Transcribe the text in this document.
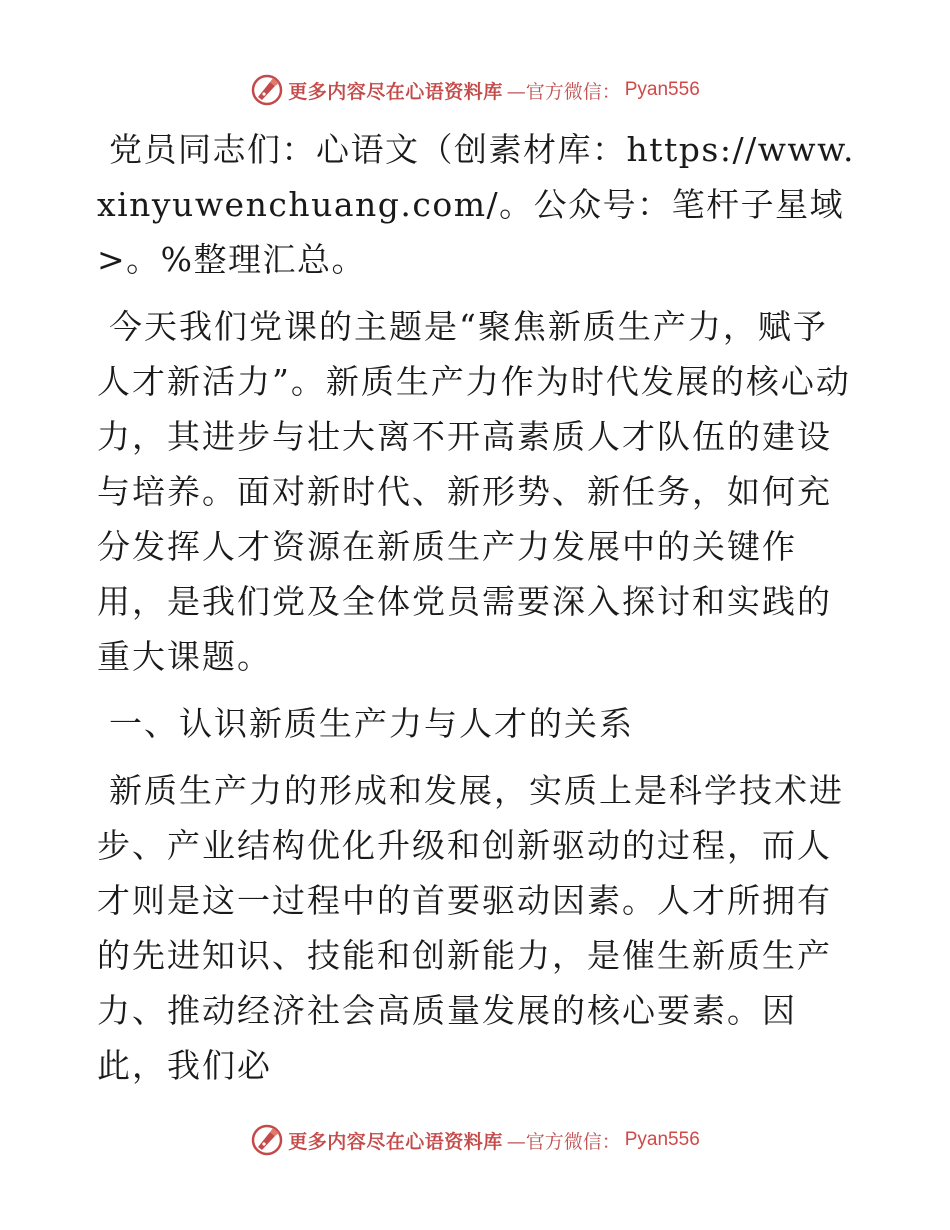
更多内容尽在心语资料库 —官方微信： Pyan556

党员同志们：心语文（创素材库：https://www.xinyuwenchuang.com/。公众号：笔杆子星域>。%整理汇总。

今天我们党课的主题是“聚焦新质生产力，赋予人才新活力”。新质生产力作为时代发展的核心动力，其进步与壮大离不开高素质人才队伍的建设与培养。面对新时代、新形势、新任务，如何充分发挥人才资源在新质生产力发展中的关键作用，是我们党及全体党员需要深入探讨和实践的重大课题。

一、认识新质生产力与人才的关系

新质生产力的形成和发展，实质上是科学技术进步、产业结构优化升级和创新驱动的过程，而人才则是这一过程中的首要驱动因素。人才所拥有的先进知识、技能和创新能力，是催生新质生产力、推动经济社会高质量发展的核心要素。因此，我们必

更多内容尽在心语资料库 —官方微信： Pyan556
